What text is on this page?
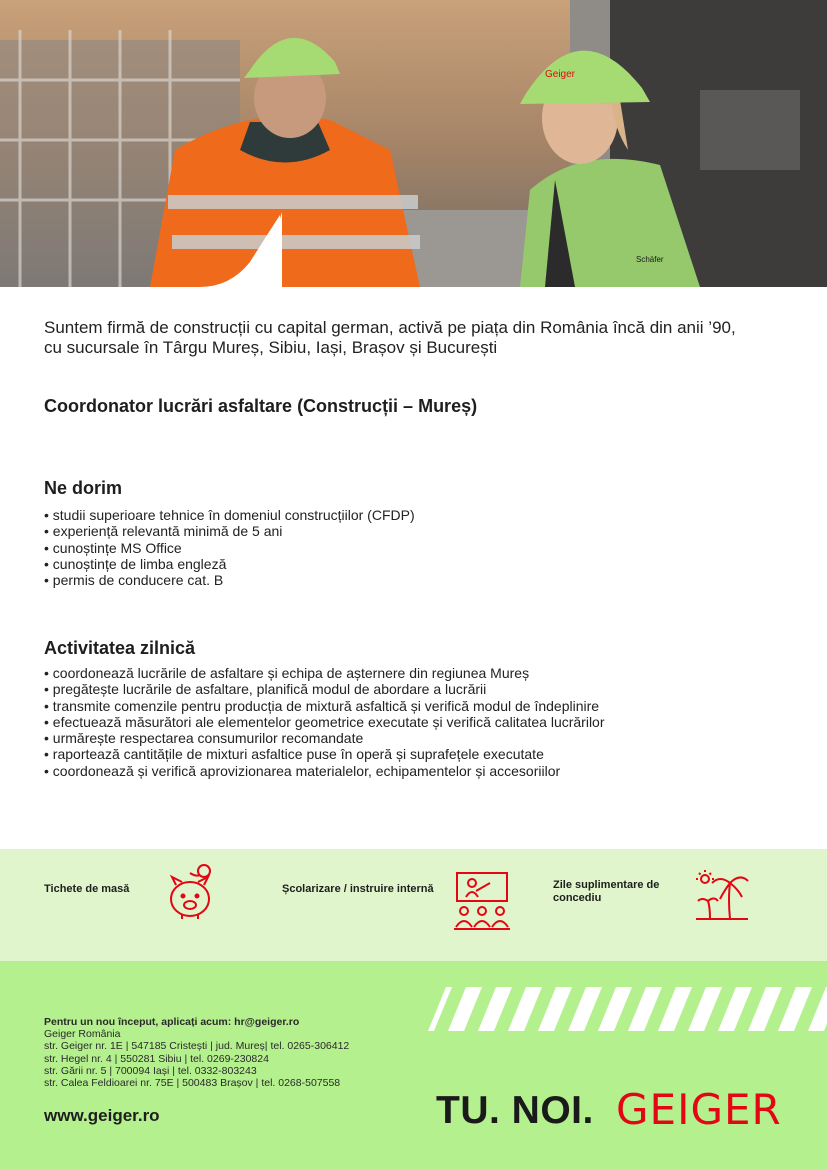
Geiger
Schäfer
Suntem firmă de construcții cu capital german, activă pe piața din România încă din anii ’90,
cu sucursale în Târgu Mureș, Sibiu, Iași, Brașov și București
Coordonator lucrări asfaltare (Construcții – Mureș)
Ne dorim
• studii superioare tehnice în domeniul construcțiilor (CFDP)
• experiență relevantă minimă de 5 ani
• cunoștințe MS Office
• cunoștințe de limba engleză
• permis de conducere cat. B
Activitatea zilnică
• coordonează lucrările de asfaltare și echipa de așternere din regiunea Mureș
• pregătește lucrările de asfaltare, planifică modul de abordare a lucrării
• transmite comenzile pentru producția de mixtură asfaltică și verifică modul de îndeplinire
• efectuează măsurători ale elementelor geometrice executate și verifică calitatea lucrărilor
• urmărește respectarea consumurilor recomandate
• raportează cantitățile de mixturi asfaltice puse în operă și suprafețele executate
• coordonează și verifică aprovizionarea materialelor, echipamentelor și accesoriilor
Tichete de masă	Școlarizare / instruire internă	Zile suplimentare de
concediu
Pentru un nou început, aplicați acum: hr@geiger.ro
Geiger România
str. Geiger nr. 1E | 547185 Cristești | jud. Mureș| tel. 0265-306412
str. Hegel nr. 4 | 550281 Sibiu | tel. 0269-230824
str. Gării nr. 5 | 700094 Iași | tel. 0332-803243
str. Calea Feldioarei nr. 75E | 500483 Brașov | tel. 0268-507558
www.geiger.ro	TU. NOI. GEIGER
